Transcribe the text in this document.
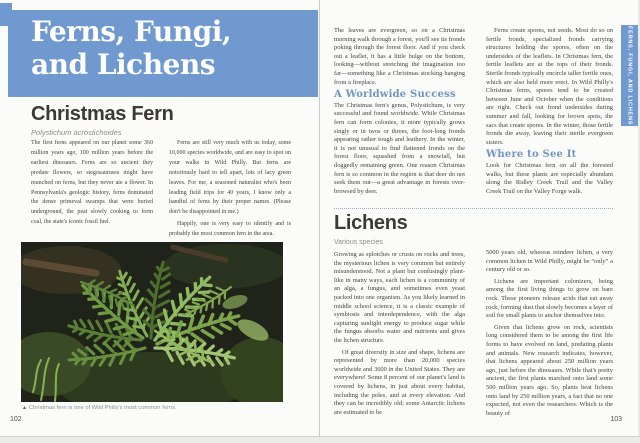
Ferns, Fungi,
and Lichens
Christmas Fern
Polystichum acrostichoides

The first ferns appeared on our planet some 360 million years ago, 100 million years before the earliest dinosaurs. Ferns are so ancient they predate flowers, so stegosauruses might have munched on ferns, but they never ate a flower. In Pennsylvania's geologic history, ferns dominated the dense primeval swamps that were buried underground, the peat slowly cooking to form coal, the state's iconic fossil fuel.

Ferns are still very much with us today, some 10,000 species worldwide, and are easy to spot on your walks in Wild Philly. But ferns are notoriously hard to tell apart, lots of lacy green leaves. For me, a seasoned naturalist who's been leading field trips for 40 years, I know only a handful of ferns by their proper names. (Please don't be disappointed in me.)

Happily, one is very easy to identify and is probably the most common fern in the area.

▲ Christmas fern is one of Wild Philly's most common ferns.
102

The leaves are evergreen, so on a Christmas morning walk through a forest, you'll see its fronds poking through the forest floor. And if you check out a leaflet, it has a little bulge on the bottom, looking—without stretching the imagination too far—something like a Christmas stocking hanging from a fireplace.

A Worldwide Success

The Christmas fern's genus, Polystichum, is very successful and found worldwide. While Christmas fern can form colonies, it more typically grows singly or in twos or threes, the foot-long fronds appearing rather tough and leathery. In the winter, it is not unusual to find flattened fronds on the forest floor, squashed from a snowfall, but doggedly remaining green. One reason Christmas fern is so common in the region is that deer do not seek them out—a great advantage in forests over-browsed by deer.

Ferns create spores, not seeds. Most do so on fertile fronds, specialized fronds carrying structures holding the spores, often on the undersides of the leaflets. In Christmas fern, the fertile leaflets are at the tops of their fronds. Sterile fronds typically encircle taller fertile ones, which are also held more erect. In Wild Philly's Christmas ferns, spores tend to be created between June and October when the conditions are right. Check out frond undersides during summer and fall, looking for brown spots, the sacs that create spores. In the winter, those fertile fronds die away, leaving their sterile evergreen sisters.

Where to See It

Look for Christmas fern on all the forested walks, but these plants are especially abundant along the Ridley Creek Trail and the Valley Creek Trail on the Valley Forge walk.

Lichens
Various species

Growing as splotches or crusts on rocks and trees, the mysterious lichen is very common but entirely misunderstood. Not a plant but confusingly plant-like in many ways, each lichen is a community of an alga, a fungus, and sometimes even yeast packed into one organism. As you likely learned in middle school science, it is a classic example of symbiosis and interdependence, with the alga capturing sunlight energy to produce sugar while the fungus absorbs water and nutrients and gives the lichen structure.

Of great diversity in size and shape, lichens are represented by more than 20,000 species worldwide and 3600 in the United States. They are everywhere! Some 8 percent of our planet's land is covered by lichens, in just about every habitat, including the poles, and at every elevation. And they can be incredibly old; some Antarctic lichens are estimated to be

5000 years old, whereas reindeer lichen, a very common lichen in Wild Philly, might be “only” a century old or so.

Lichens are important colonizers, being among the first living things to grow on bare rock. These pioneers release acids that eat away rock, forming dust that slowly becomes a layer of soil for small plants to anchor themselves into.

Given that lichens grow on rock, scientists long considered them to be among the first life forms to have evolved on land, predating plants and animals. New research indicates, however, that lichens appeared about 250 million years ago, just before the dinosaurs. While that's pretty ancient, the first plants marched onto land some 500 million years ago. So, plants beat lichens onto land by 250 million years, a fact that no one expected, not even the researchers. Which is the beauty of

103
FERNS, FUNGI, AND LICHENS
